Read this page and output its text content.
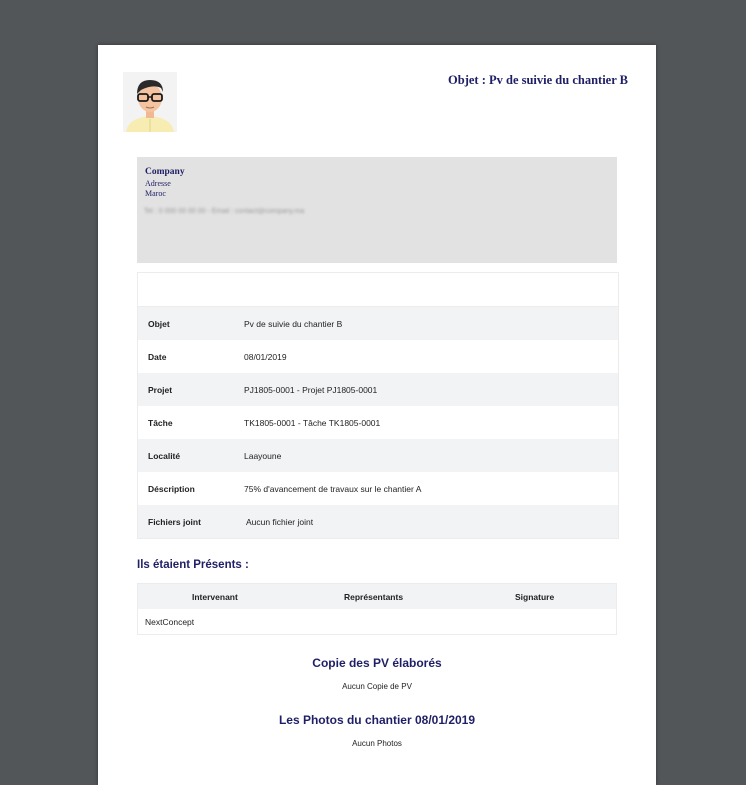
Objet : Pv de suivie du chantier B
Company
Adresse
Maroc
Tel : 0 000 00 00 00 - Email : contact@company.ma
Objet	Pv de suivie du chantier B
Date	08/01/2019
Projet	PJ1805-0001 - Projet PJ1805-0001
Tâche	TK1805-0001 - Tâche TK1805-0001
Localité	Laayoune
Déscription	75% d'avancement de travaux sur le chantier A
Fichiers joint	Aucun fichier joint
Ils étaient Présents :
Intervenant	Représentants	Signature
NextConcept
Copie des PV élaborés
Aucun Copie de PV
Les Photos du chantier 08/01/2019
Aucun Photos
